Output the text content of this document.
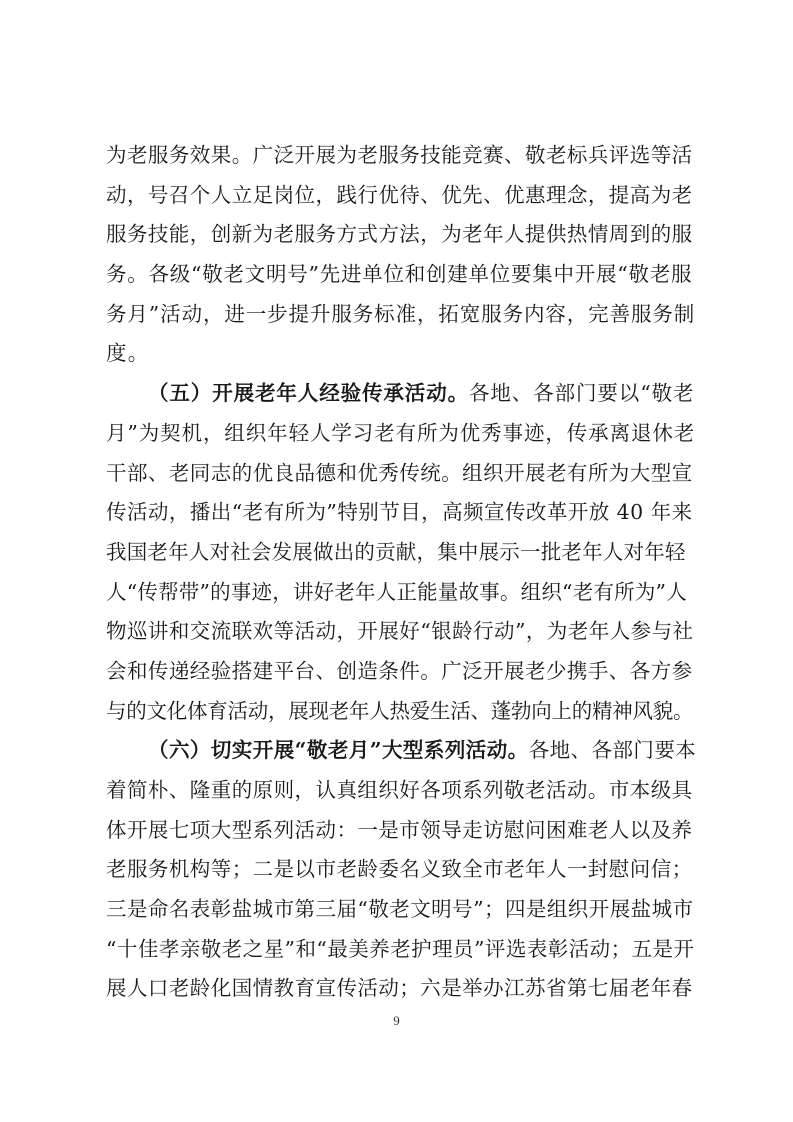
为老服务效果。广泛开展为老服务技能竞赛、敬老标兵评选等活
动，号召个人立足岗位，践行优待、优先、优惠理念，提高为老
服务技能，创新为老服务方式方法，为老年人提供热情周到的服
务。各级“敬老文明号”先进单位和创建单位要集中开展“敬老服
务月”活动，进一步提升服务标准，拓宽服务内容，完善服务制
度。
（五）开展老年人经验传承活动。各地、各部门要以“敬老
月”为契机，组织年轻人学习老有所为优秀事迹，传承离退休老
干部、老同志的优良品德和优秀传统。组织开展老有所为大型宣
传活动，播出“老有所为”特别节目，高频宣传改革开放 40 年来
我国老年人对社会发展做出的贡献，集中展示一批老年人对年轻
人“传帮带”的事迹，讲好老年人正能量故事。组织“老有所为”人
物巡讲和交流联欢等活动，开展好“银龄行动”，为老年人参与社
会和传递经验搭建平台、创造条件。广泛开展老少携手、各方参
与的文化体育活动，展现老年人热爱生活、蓬勃向上的精神风貌。
（六）切实开展“敬老月”大型系列活动。各地、各部门要本
着简朴、隆重的原则，认真组织好各项系列敬老活动。市本级具
体开展七项大型系列活动：一是市领导走访慰问困难老人以及养
老服务机构等；二是以市老龄委名义致全市老年人一封慰问信；
三是命名表彰盐城市第三届“敬老文明号”；四是组织开展盐城市
“十佳孝亲敬老之星”和“最美养老护理员”评选表彰活动；五是开
展人口老龄化国情教育宣传活动；六是举办江苏省第七届老年春
9
